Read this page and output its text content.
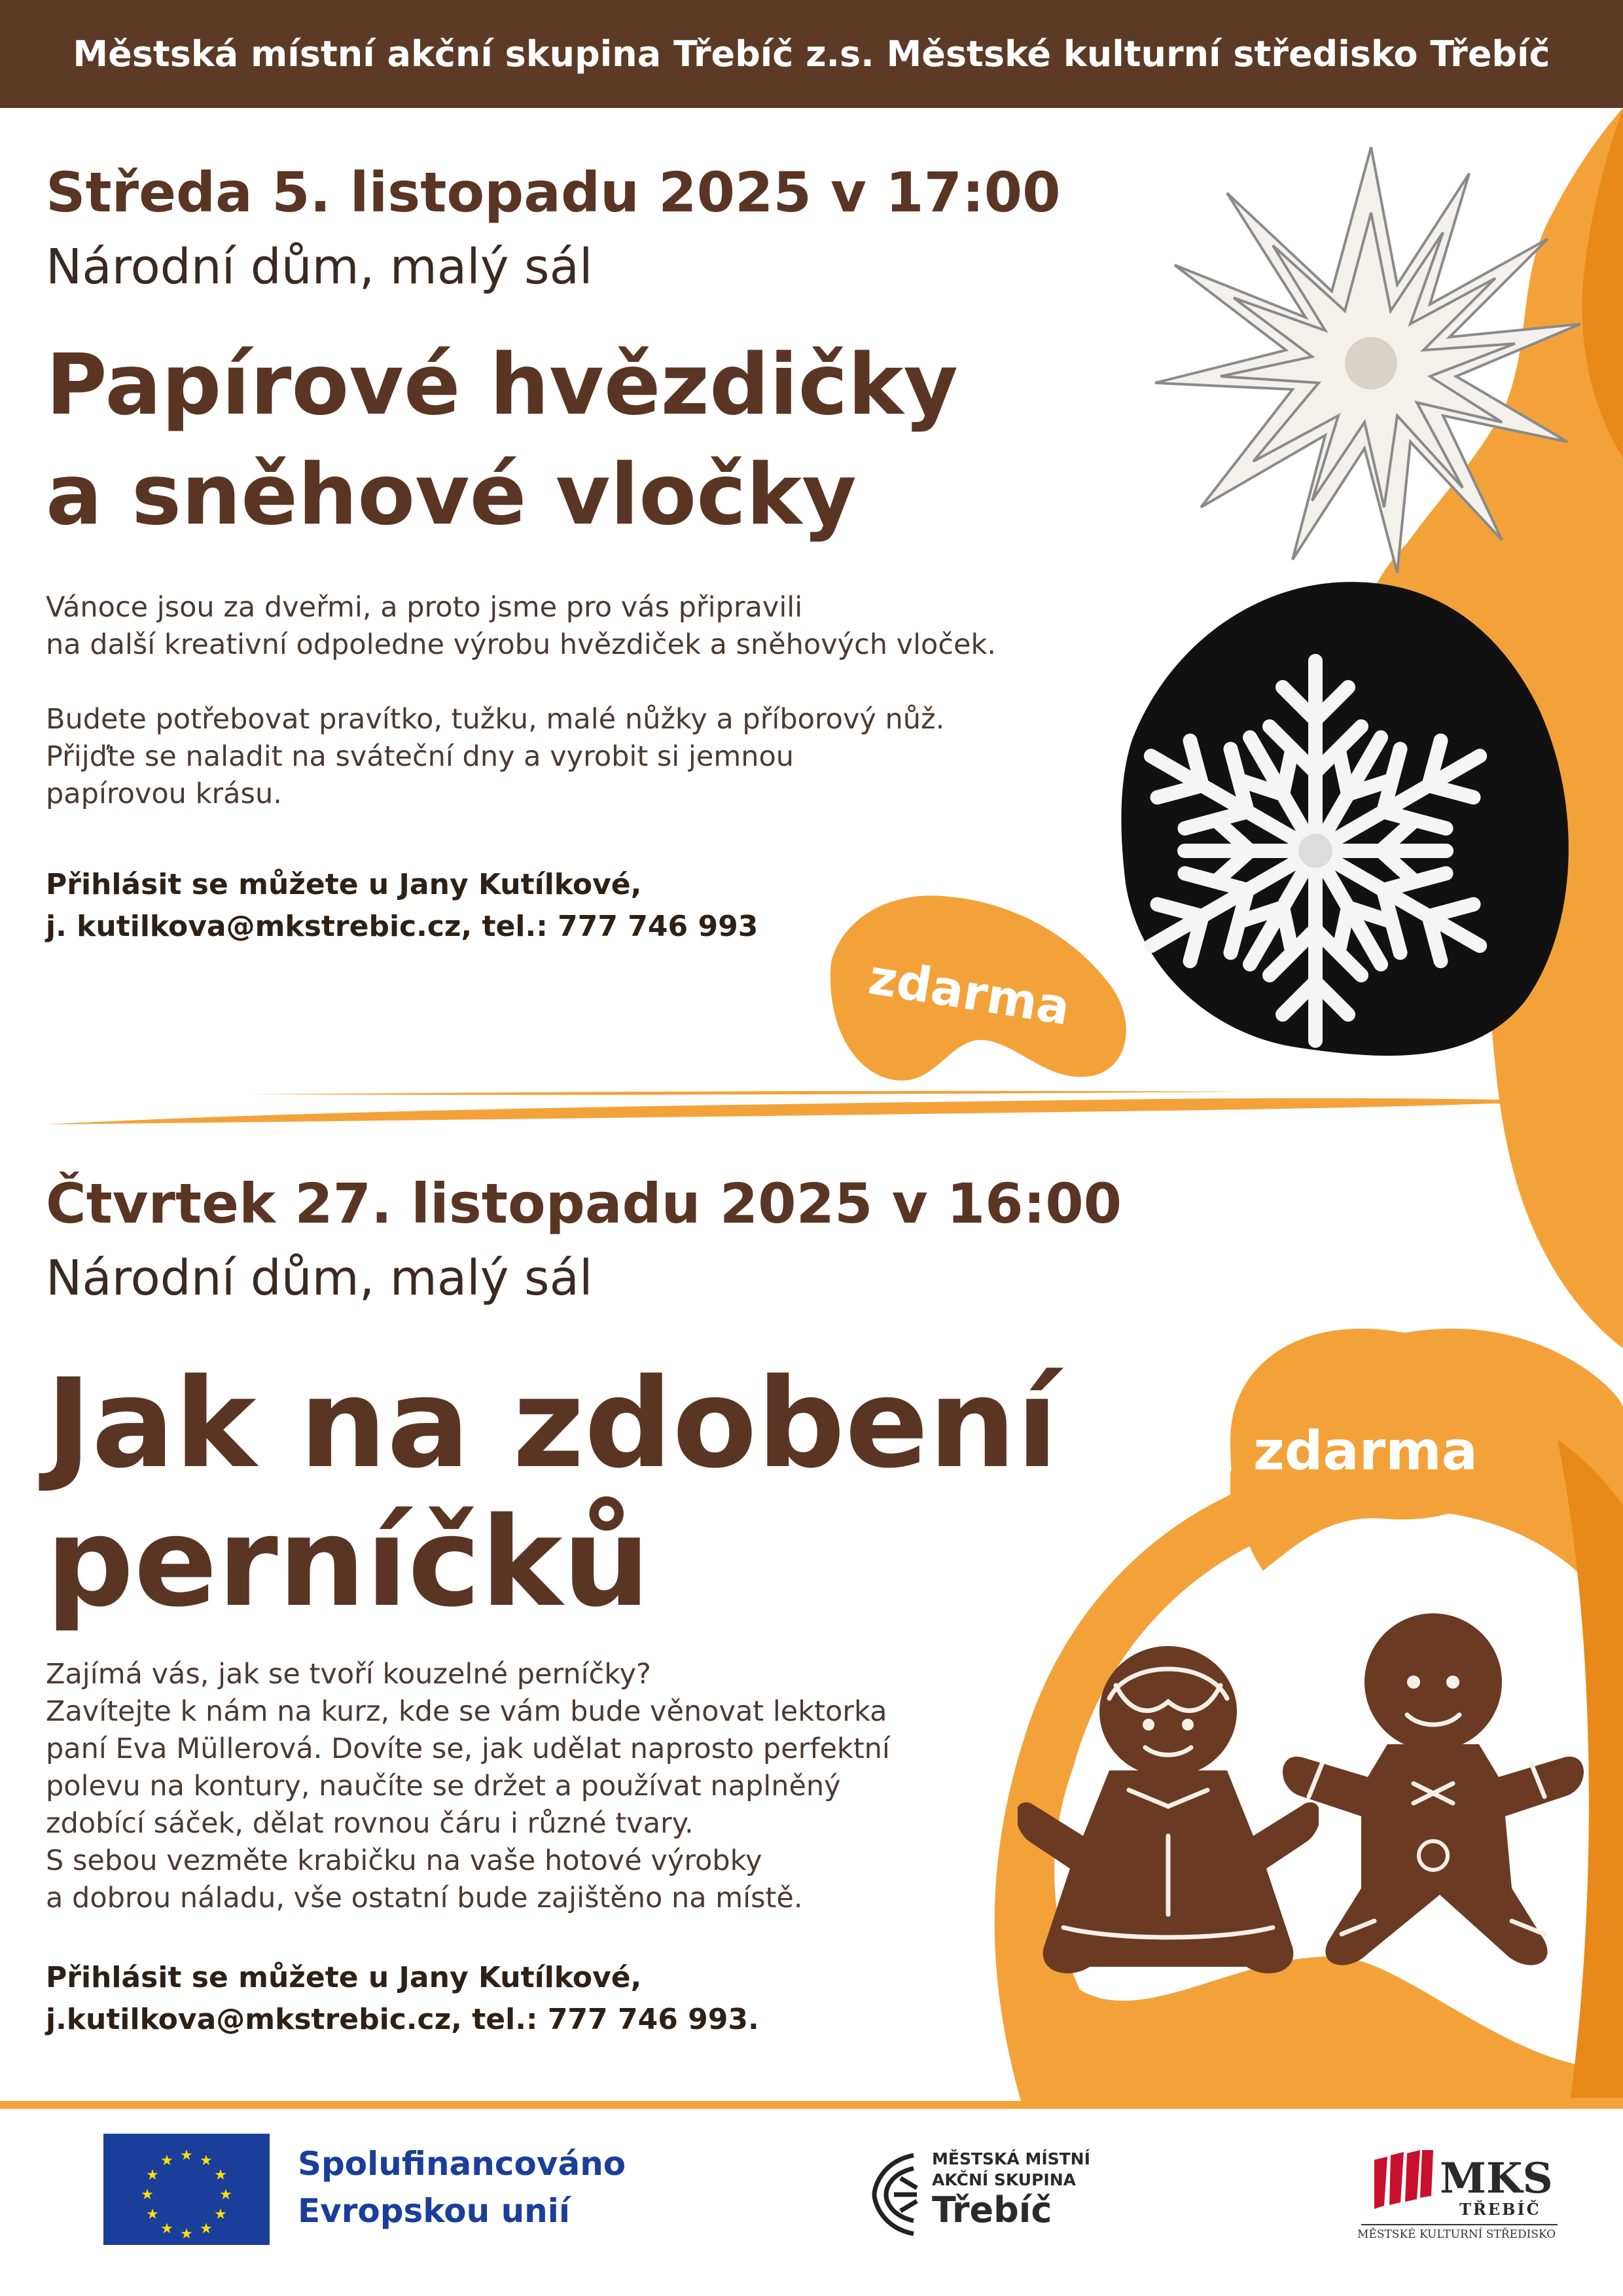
Městská místní akční skupina Třebíč z.s. Městské kulturní středisko Třebíč
Středa 5. listopadu 2025 v 17:00
Národní dům, malý sál
Papírové hvězdičky
a sněhové vločky
Vánoce jsou za dveřmi, a proto jsme pro vás připravili
na další kreativní odpoledne výrobu hvězdiček a sněhových vloček.
Budete potřebovat pravítko, tužku, malé nůžky a příborový nůž.
Přijďte se naladit na sváteční dny a vyrobit si jemnou
papírovou krásu.
Přihlásit se můžete u Jany Kutílkové,
j. kutilkova@mkstrebic.cz, tel.: 777 746 993
zdarma
Čtvrtek 27. listopadu 2025 v 16:00
Národní dům, malý sál
Jak na zdobení
perníčků
Zajímá vás, jak se tvoří kouzelné perníčky?
Zavítejte k nám na kurz, kde se vám bude věnovat lektorka
paní Eva Müllerová. Dovíte se, jak udělat naprosto perfektní
polevu na kontury, naučíte se držet a používat naplněný
zdobící sáček, dělat rovnou čáru i různé tvary.
S sebou vezměte krabičku na vaše hotové výrobky
a dobrou náladu, vše ostatní bude zajištěno na místě.
Přihlásit se můžete u Jany Kutílkové,
j.kutilkova@mkstrebic.cz, tel.: 777 746 993.
zdarma
★ ★
★
★
★
★
★
★
★
★
★
★	Spolufinancováno
Evropskou unií
MĚSTSKÁ MÍSTNÍ
AKČNÍ SKUPINA
Třebíč
MKS
TŘEBÍČ
MĚSTSKÉ KULTURNÍ STŘEDISKO
